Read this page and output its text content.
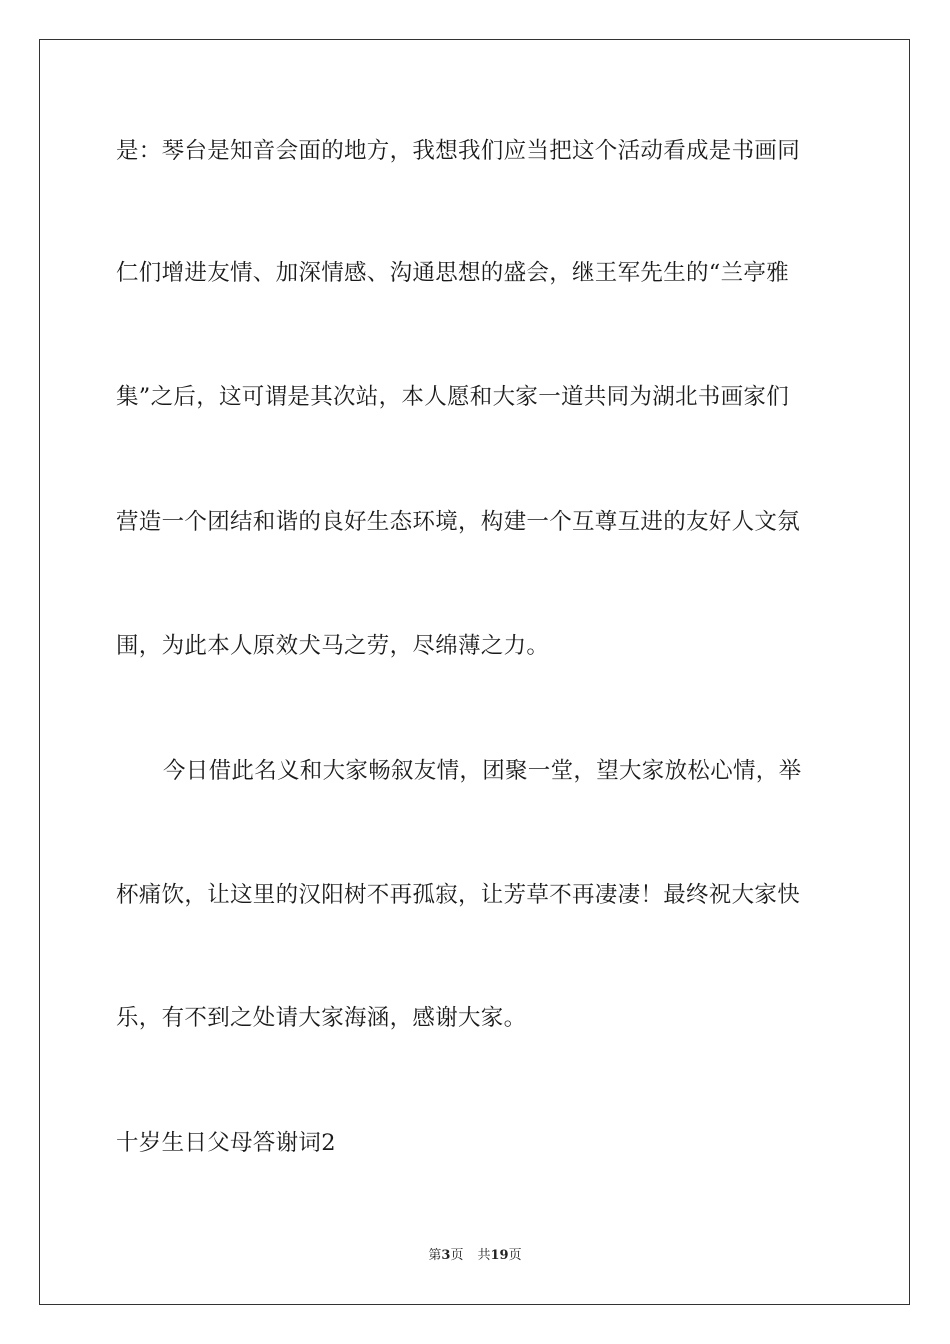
是：琴台是知音会面的地方，我想我们应当把这个活动看成是书画同
仁们增进友情、加深情感、沟通思想的盛会，继王军先生的“兰亭雅
集”之后，这可谓是其次站，本人愿和大家一道共同为湖北书画家们
营造一个团结和谐的良好生态环境，构建一个互尊互进的友好人文氛
围，为此本人原效犬马之劳，尽绵薄之力。
今日借此名义和大家畅叙友情，团聚一堂，望大家放松心情，举
杯痛饮，让这里的汉阳树不再孤寂，让芳草不再凄凄！最终祝大家快
乐，有不到之处请大家海涵，感谢大家。
十岁生日父母答谢词2
第3页 共19页
